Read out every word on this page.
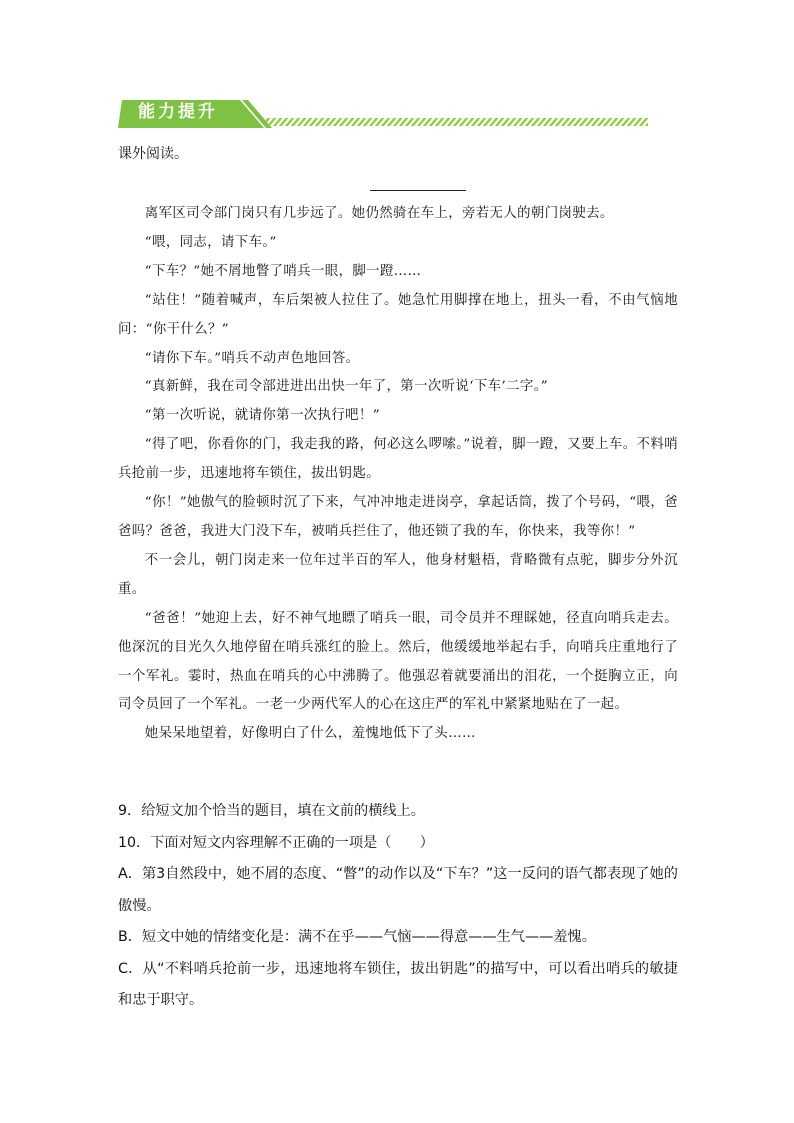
能力提升
课外阅读。

离军区司令部门岗只有几步远了。她仍然骑在车上，旁若无人的朝门岗驶去。

“喂，同志，请下车。”

“下车？”她不屑地瞥了哨兵一眼，脚一蹬……

“站住！”随着喊声，车后架被人拉住了。她急忙用脚撑在地上，扭头一看，不由气恼地问：“你干什么？”

“请你下车。”哨兵不动声色地回答。

“真新鲜，我在司令部进进出出快一年了，第一次听说‘下车’二字。”

“第一次听说，就请你第一次执行吧！”

“得了吧，你看你的门，我走我的路，何必这么啰嗦。”说着，脚一蹬，又要上车。不料哨兵抢前一步，迅速地将车锁住，拔出钥匙。

“你！”她傲气的脸顿时沉了下来，气冲冲地走进岗亭，拿起话筒，拨了个号码，“喂，爸爸吗？爸爸，我进大门没下车，被哨兵拦住了，他还锁了我的车，你快来，我等你！”

不一会儿，朝门岗走来一位年过半百的军人，他身材魁梧，背略微有点驼，脚步分外沉重。

“爸爸！”她迎上去，好不神气地瞟了哨兵一眼，司令员并不理睬她，径直向哨兵走去。他深沉的目光久久地停留在哨兵涨红的脸上。然后，他缓缓地举起右手，向哨兵庄重地行了一个军礼。霎时，热血在哨兵的心中沸腾了。他强忍着就要涌出的泪花，一个挺胸立正，向司令员回了一个军礼。一老一少两代军人的心在这庄严的军礼中紧紧地贴在了一起。

她呆呆地望着，好像明白了什么，羞愧地低下了头……

9．给短文加个恰当的题目，填在文前的横线上。

10．下面对短文内容理解不正确的一项是（　　）

A．第3自然段中，她不屑的态度、“瞥”的动作以及“下车？”这一反问的语气都表现了她的傲慢。

B．短文中她的情绪变化是：满不在乎——气恼——得意——生气——羞愧。

C．从“不料哨兵抢前一步，迅速地将车锁住，拔出钥匙”的描写中，可以看出哨兵的敏捷和忠于职守。
